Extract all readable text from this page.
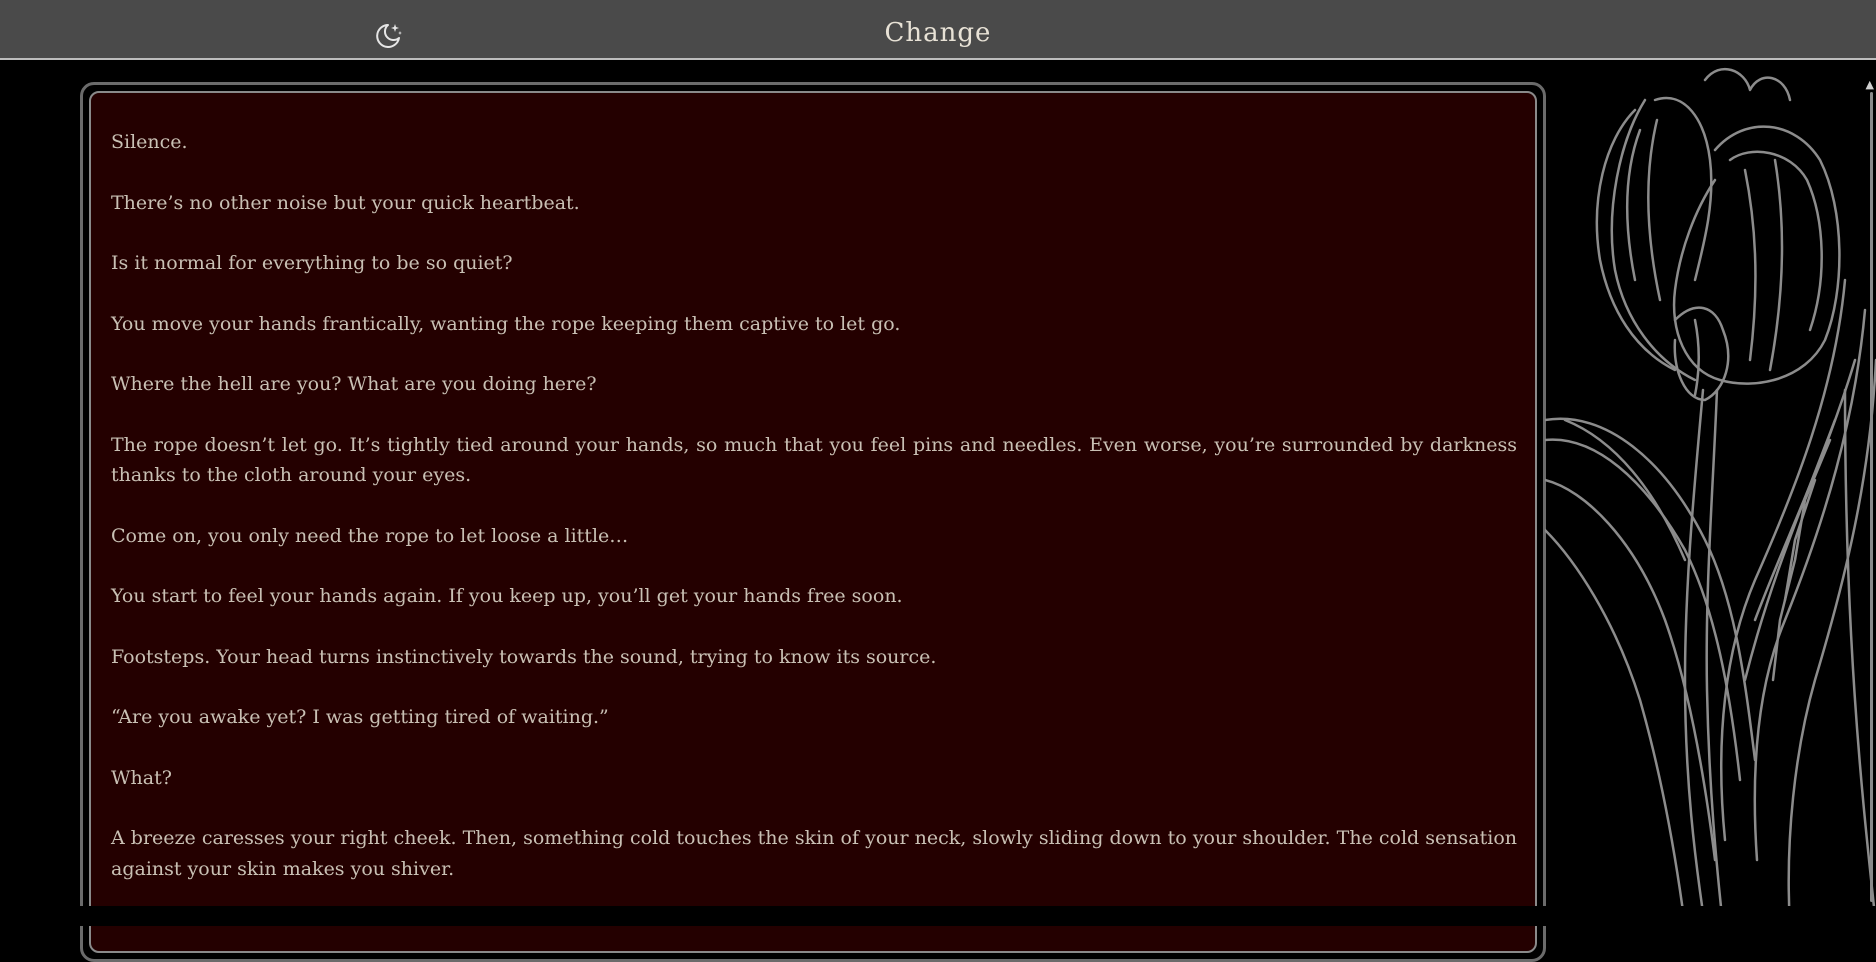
Change

Silence.

There’s no other noise but your quick heartbeat.

Is it normal for everything to be so quiet?

You move your hands frantically, wanting the rope keeping them captive to let go.

Where the hell are you? What are you doing here?

The rope doesn’t let go. It’s tightly tied around your hands, so much that you feel pins and needles. Even worse, you’re surrounded by darkness thanks to the cloth around your eyes.

Come on, you only need the rope to let loose a little…

You start to feel your hands again. If you keep up, you’ll get your hands free soon.

Footsteps. Your head turns instinctively towards the sound, trying to know its source.

“Are you awake yet? I was getting tired of waiting.”

What?

A breeze caresses your right cheek. Then, something cold touches the skin of your neck, slowly sliding down to your shoulder. The cold sensation against your skin makes you shiver.

▲
